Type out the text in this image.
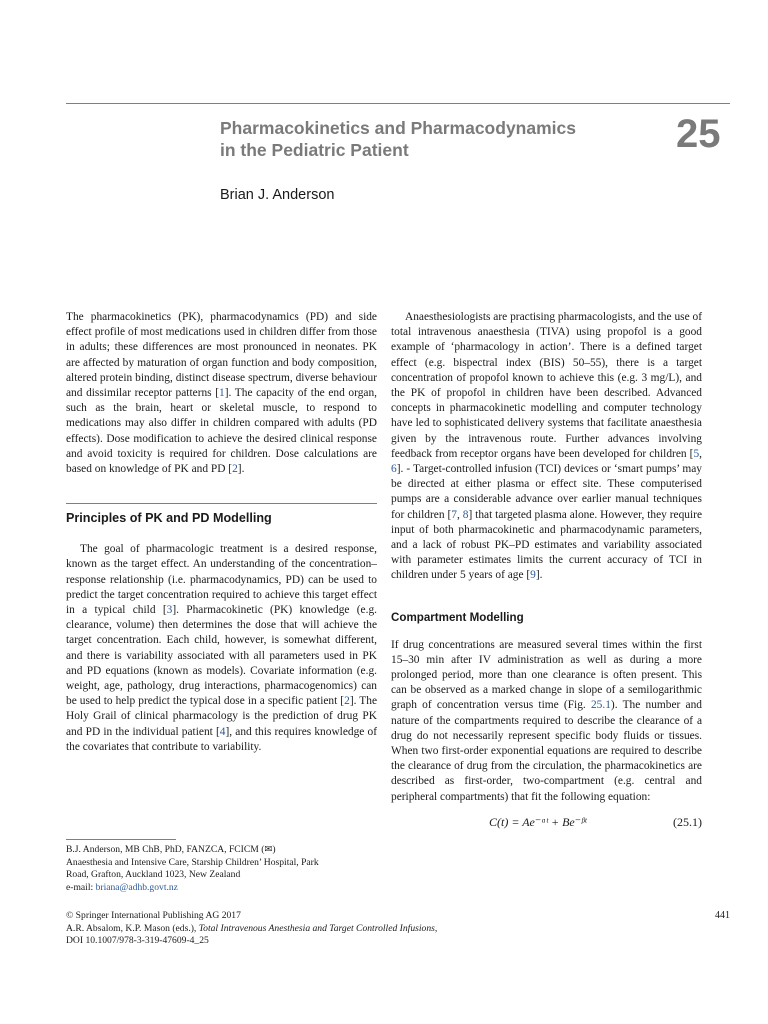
Pharmacokinetics and Pharmacodynamics
in the Pediatric Patient	25
Brian J. Anderson

The pharmacokinetics (PK), pharmacodynamics (PD) and side effect profile of most medications used in children differ from those in adults; these differences are most pronounced in neonates. PK are affected by maturation of organ function and body composition, altered protein binding, distinct disease spectrum, diverse behaviour and dissimilar receptor patterns [1]. The capacity of the end organ, such as the brain, heart or skeletal muscle, to respond to medications may also differ in children compared with adults (PD effects). Dose modification to achieve the desired clinical response and avoid toxicity is required for children. Dose calculations are based on knowledge of PK and PD [2].

Principles of PK and PD Modelling

The goal of pharmacologic treatment is a desired response, known as the target effect. An understanding of the concentration–response relationship (i.e. pharmacodynamics, PD) can be used to predict the target concentration required to achieve this target effect in a typical child [3]. Pharmacokinetic (PK) knowledge (e.g. clearance, volume) then determines the dose that will achieve the target concentration. Each child, however, is somewhat different, and there is variability associated with all parameters used in PK and PD equations (known as models). Covariate information (e.g. weight, age, pathology, drug interactions, pharmacogenomics) can be used to help predict the typical dose in a specific patient [2]. The Holy Grail of clinical pharmacology is the prediction of drug PK and PD in the individual patient [4], and this requires knowledge of the covariates that contribute to variability.

B.J. Anderson, MB ChB, PhD, FANZCA, FCICM (✉)
Anaesthesia and Intensive Care, Starship Children’ Hospital, Park
Road, Grafton, Auckland 1023, New Zealand
e-mail: briana@adhb.govt.nz

Anaesthesiologists are practising pharmacologists, and the use of total intravenous anaesthesia (TIVA) using propofol is a good example of ‘pharmacology in action’. There is a defined target effect (e.g. bispectral index (BIS) 50–55), there is a target concentration of propofol known to achieve this (e.g. 3 mg/L), and the PK of propofol in children have been described. Advanced concepts in pharmacokinetic modelling and computer technology have led to sophisticated delivery systems that facilitate anaesthesia given by the intravenous route. Further advances involving feedback from receptor organs have been developed for children [5, 6]. - Target-controlled infusion (TCI) devices or ‘smart pumps’ may be directed at either plasma or effect site. These computerised pumps are a considerable advance over earlier manual techniques for children [7, 8] that targeted plasma alone. However, they require input of both pharmacokinetic and pharmacodynamic parameters, and a lack of robust PK–PD estimates and variability associated with parameter estimates limits the current accuracy of TCI in children under 5 years of age [9].

Compartment Modelling

If drug concentrations are measured several times within the first 15–30 min after IV administration as well as during a more prolonged period, more than one clearance is often present. This can be observed as a marked change in slope of a semilogarithmic graph of concentration versus time (Fig. 25.1). The number and nature of the compartments required to describe the clearance of a drug do not necessarily represent specific body fluids or tissues. When two first-order exponential equations are required to describe the clearance of drug from the circulation, the pharmacokinetics are described as first-order, two-compartment (e.g. central and peripheral compartments) that fit the following equation:

C(t) = Ae⁻ᵅᵗ + Be⁻ᵝᵗ	(25.1)
© Springer International Publishing AG 2017
A.R. Absalom, K.P. Mason (eds.), Total Intravenous Anesthesia and Target Controlled Infusions,
DOI 10.1007/978-3-319-47609-4_25
441
